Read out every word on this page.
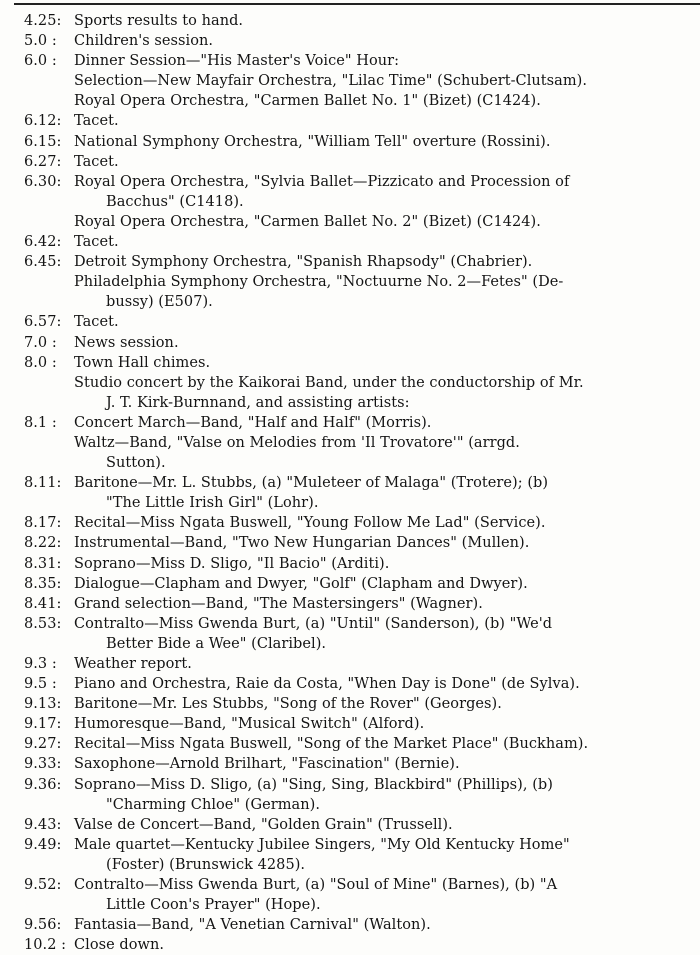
4.25: Sports results to hand.
5.0 :	Children's session.
6.0 :	Dinner Session—"His Master's Voice" Hour:
Selection—New Mayfair Orchestra, "Lilac Time" (Schubert-Clutsam).
Royal Opera Orchestra, "Carmen Ballet No. 1" (Bizet) (C1424).
6.12: Tacet.
6.15: National Symphony Orchestra, "William Tell" overture (Rossini).
6.27: Tacet.
6.30: Royal Opera Orchestra, "Sylvia Ballet—Pizzicato and Procession of
Bacchus" (C1418).
Royal Opera Orchestra, "Carmen Ballet No. 2" (Bizet) (C1424).
6.42: Tacet.
6.45: Detroit Symphony Orchestra, "Spanish Rhapsody" (Chabrier).
Philadelphia Symphony Orchestra, "Noctuurne No. 2—Fetes" (De-
bussy) (E507).
6.57: Tacet.
7.0 :	News session.
8.0 :	Town Hall chimes.
Studio concert by the Kaikorai Band, under the conductorship of Mr.
J. T. Kirk-Burnnand, and assisting artists:
8.1 :	Concert March—Band, "Half and Half" (Morris).
Waltz—Band, "Valse on Melodies from 'Il Trovatore'" (arrgd.
Sutton).
8.11: Baritone—Mr. L. Stubbs, (a) "Muleteer of Malaga" (Trotere); (b)
"The Little Irish Girl" (Lohr).
8.17: Recital—Miss Ngata Buswell, "Young Follow Me Lad" (Service).
8.22: Instrumental—Band, "Two New Hungarian Dances" (Mullen).
8.31: Soprano—Miss D. Sligo, "Il Bacio" (Arditi).
8.35: Dialogue—Clapham and Dwyer, "Golf" (Clapham and Dwyer).
8.41: Grand selection—Band, "The Mastersingers" (Wagner).
8.53: Contralto—Miss Gwenda Burt, (a) "Until" (Sanderson), (b) "We'd
Better Bide a Wee" (Claribel).
9.3 :	Weather report.
9.5 :	Piano and Orchestra, Raie da Costa, "When Day is Done" (de Sylva).
9.13: Baritone—Mr. Les Stubbs, "Song of the Rover" (Georges).
9.17: Humoresque—Band, "Musical Switch" (Alford).
9.27: Recital—Miss Ngata Buswell, "Song of the Market Place" (Buckham).
9.33: Saxophone—Arnold Brilhart, "Fascination" (Bernie).
9.36: Soprano—Miss D. Sligo, (a) "Sing, Sing, Blackbird" (Phillips), (b)
"Charming Chloe" (German).
9.43: Valse de Concert—Band, "Golden Grain" (Trussell).
9.49: Male quartet—Kentucky Jubilee Singers, "My Old Kentucky Home"
(Foster) (Brunswick 4285).
9.52: Contralto—Miss Gwenda Burt, (a) "Soul of Mine" (Barnes), (b) "A
Little Coon's Prayer" (Hope).
9.56: Fantasia—Band, "A Venetian Carnival" (Walton).
10.2 : Close down.
